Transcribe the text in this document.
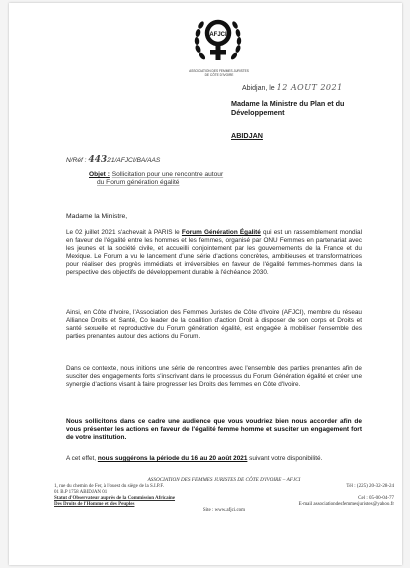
AFJCI
ASSOCIATION DES FEMMES JURISTES
DE CÔTE D'IVOIRE
Abidjan, le 12 AOUT 2021
Madame la Ministre du Plan et du
Développement
ABIDJAN
N/Réf : 44321/AFJCI/BA/AAS
Objet : Sollicitation pour une rencontre autour
du Forum génération égalité
Madame la Ministre,
Le 02 juillet 2021 s'achevait à PARIS le Forum Génération Égalité qui est un rassemblement mondial en faveur de l'égalité entre les hommes et les femmes, organisé par ONU Femmes en partenariat avec les jeunes et la société civile, et accueilli conjointement par les gouvernements de la France et du Mexique. Le Forum a vu le lancement d'une série d'actions concrètes, ambitieuses et transformatrices pour réaliser des progrès immédiats et irréversibles en faveur de l'égalité femmes-hommes dans la perspective des objectifs de développement durable à l'échéance 2030.
Ainsi, en Côte d'Ivoire, l'Association des Femmes Juristes de Côte d'Ivoire (AFJCI), membre du réseau Alliance Droits et Santé, Co leader de la coalition d'action Droit à disposer de son corps et Droits et santé sexuelle et reproductive du Forum génération égalité, est engagée à mobiliser l'ensemble des parties prenantes autour des actions du Forum.
Dans ce contexte, nous initions une série de rencontres avec l'ensemble des parties prenantes afin de susciter des engagements forts s'inscrivant dans le processus du Forum Génération égalité et créer une synergie d'actions visant à faire progresser les Droits des femmes en Côte d'Ivoire.
Nous sollicitons dans ce cadre une audience que vous voudriez bien nous accorder afin de vous présenter les actions en faveur de l'égalité femme homme et susciter un engagement fort de votre institution.
A cet effet, nous suggérons la période du 16 au 20 août 2021 suivant votre disponibilité.
ASSOCIATION DES FEMMES JURISTES DE CÔTE D'IVOIRE – AFJCI
1, rue du chemin de Fer, à l'ouest du siège de la S.I.P.F.	Tél : (225) 20-32-28-24
01 B.P 1758 ABIDJAN 01
Statut d'Observateur auprès de la Commission Africaine	Cel : 05-00-04-77
Des Droits de l'Homme et des Peuples	E-mail associationdesfemmesjuristes@yahoo.fr
Site : www.afjci.com
